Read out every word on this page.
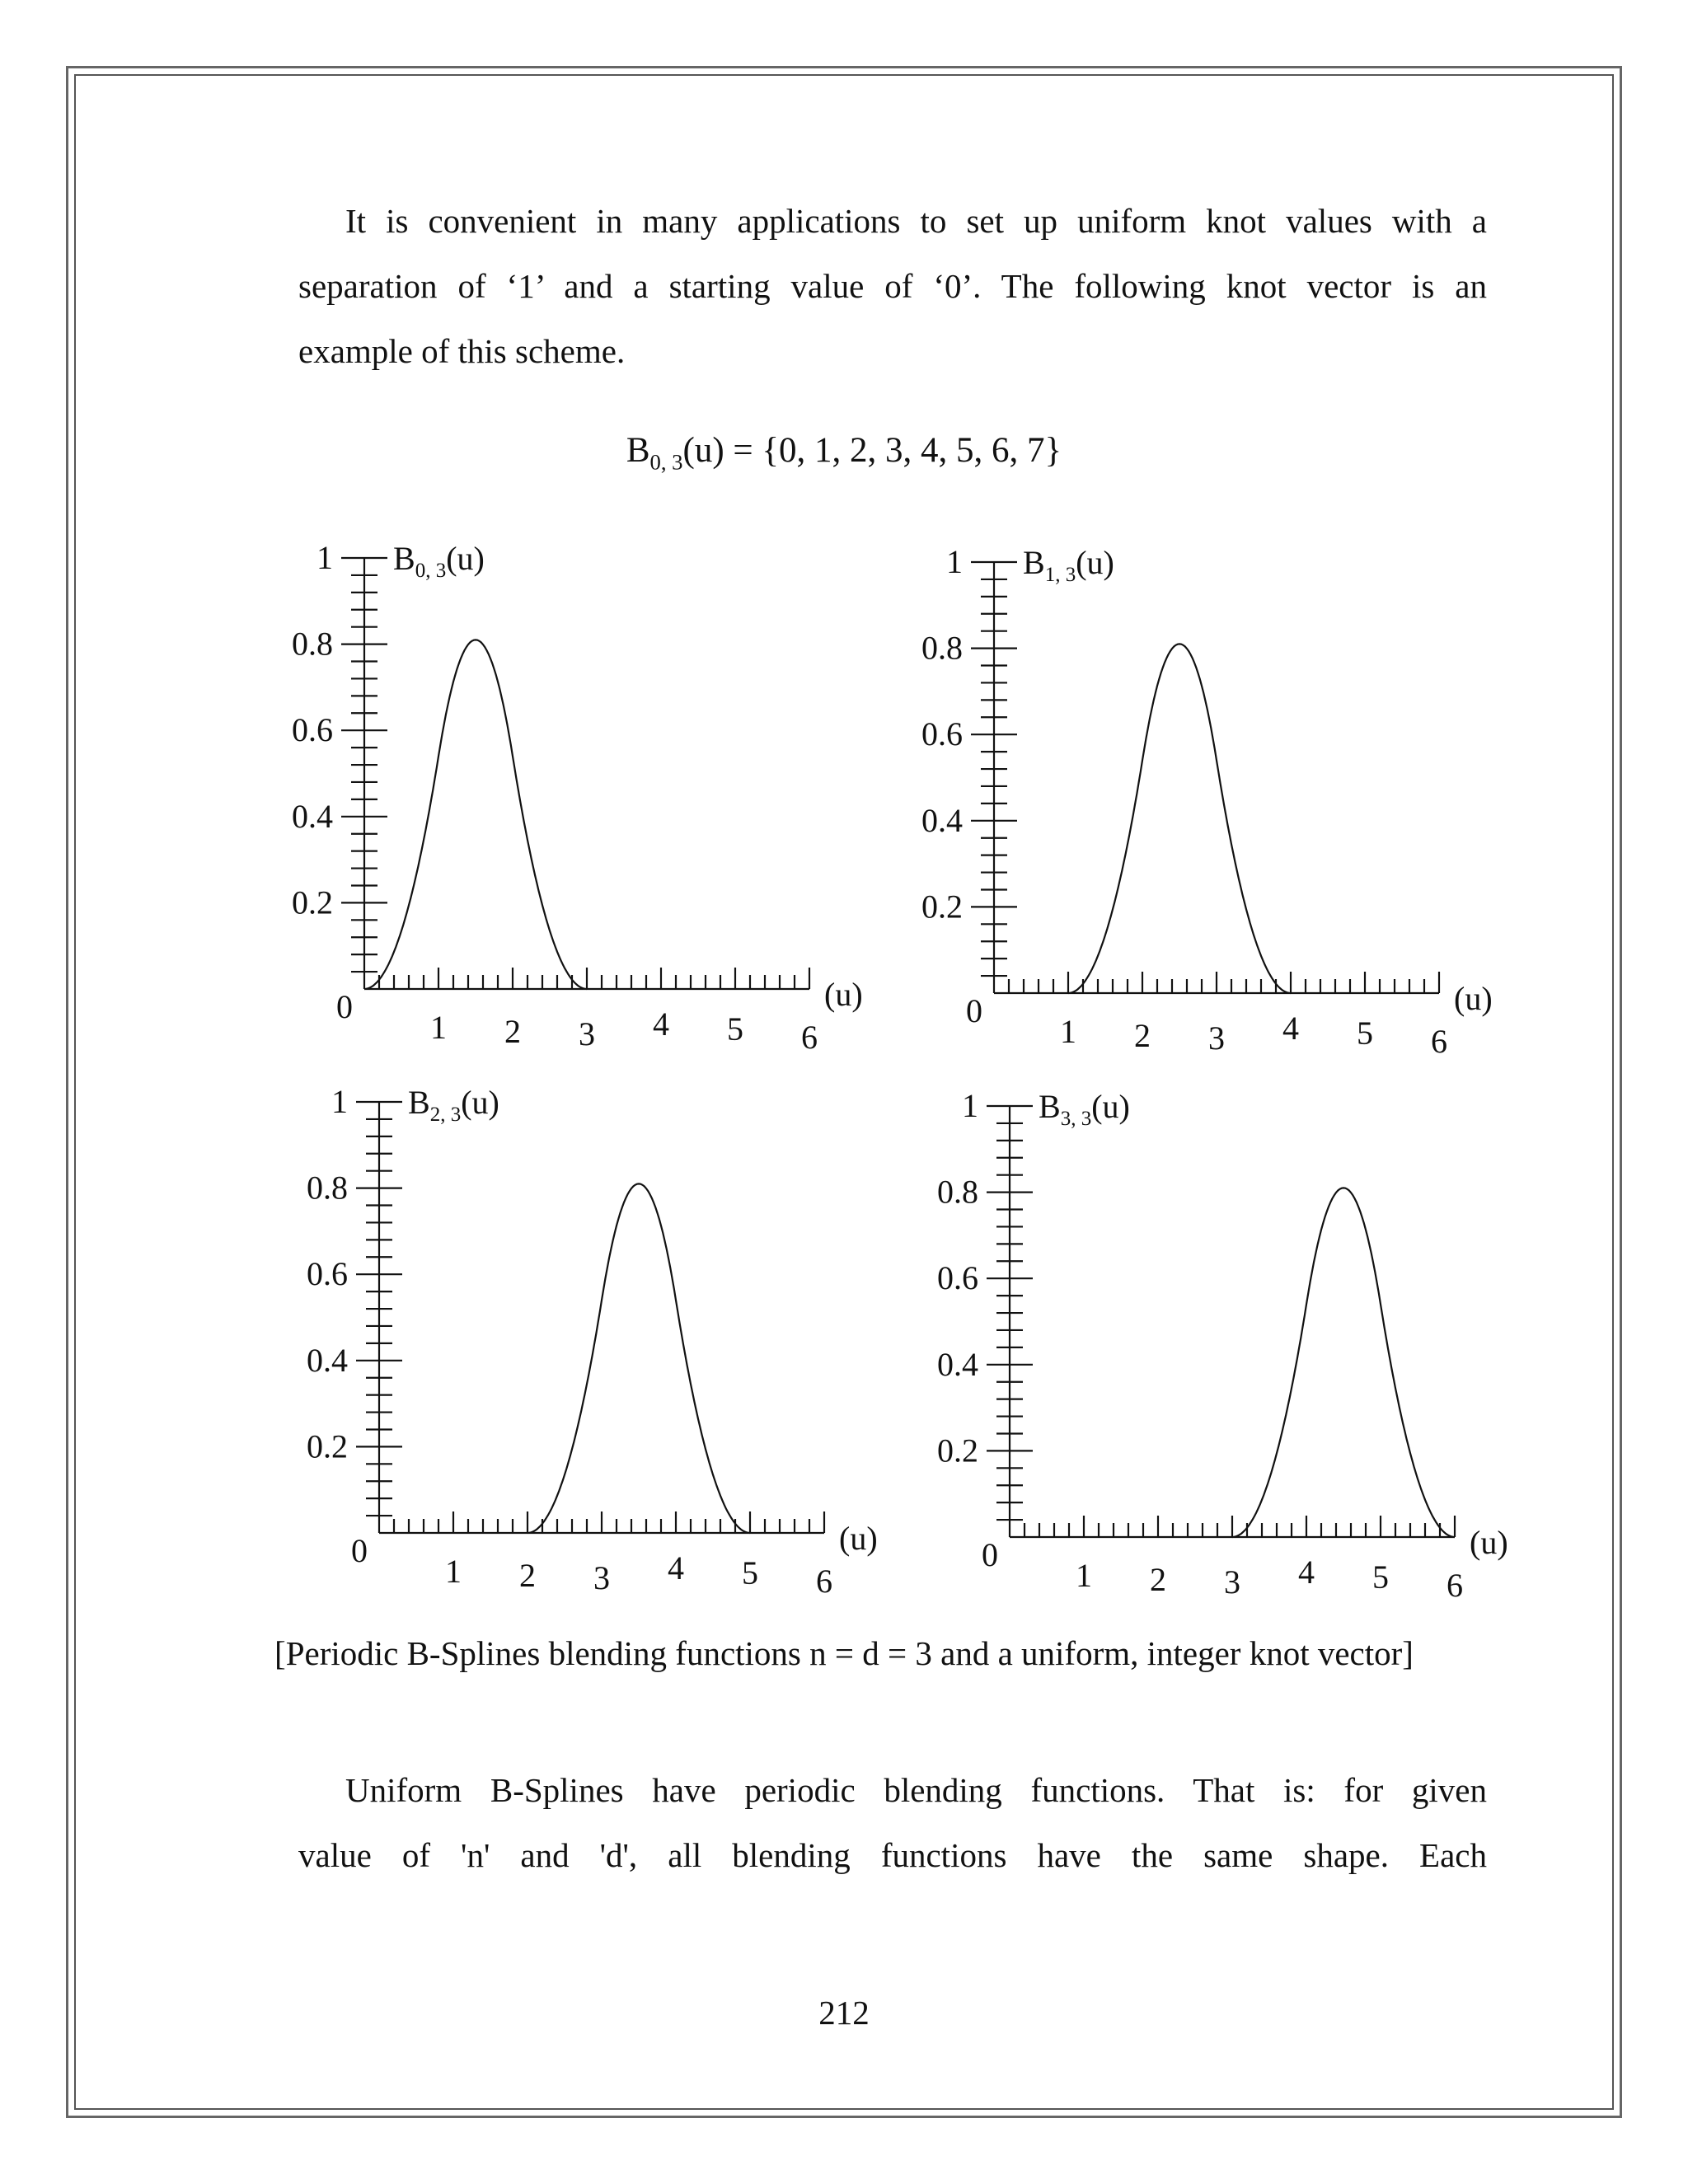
It is convenient in many applications to set up uniform knot values with a
separation of ‘1’ and a starting value of ‘0’. The following knot vector is an
example of this scheme.

$B_{0, 3}(u) = \{0$, 1, 2, 3, 4, 5, 6, 7}
1 2 3 4 5 6
0.2
0.4
0.6
0.8
1
0	(u)
$B_{0, 3}(u)$
1 2 3 4 5 6
0.2
0.4
0.6
0.8
1
0	(u)
$B_{1, 3}(u)$
1 2 3 4 5 6
0.2
0.4
0.6
0.8
1
0	(u)
$B_{2, 3}(u)$
1 2 3 4 5 6
0.2
0.4
0.6
0.8
1
0	(u)
$B_{3, 3}(u)$
[Periodic B-Splines blending functions n = d = 3 and a uniform, integer knot vector]

Uniform B-Splines have periodic blending functions. That is: for given
value of 'n' and 'd', all blending functions have the same shape. Each

212
